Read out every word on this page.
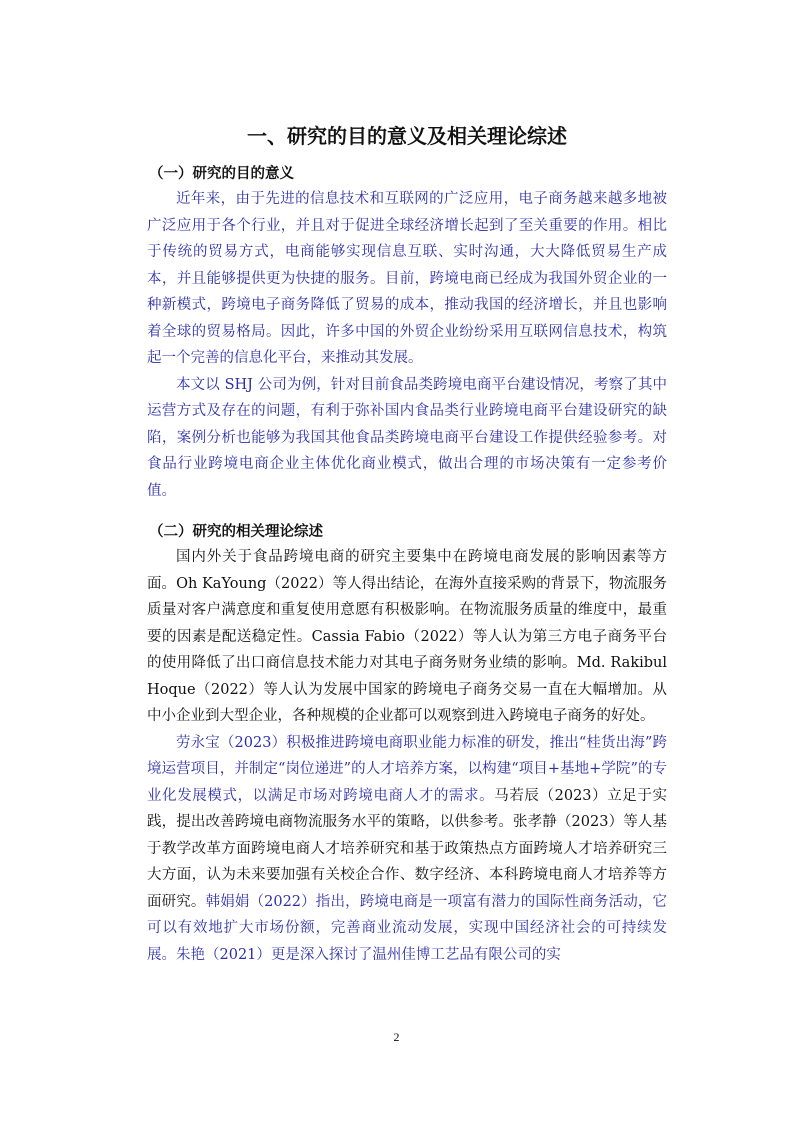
一、研究的目的意义及相关理论综述
（一）研究的目的意义

近年来，由于先进的信息技术和互联网的广泛应用，电子商务越来越多地被广泛应用于各个行业，并且对于促进全球经济增长起到了至关重要的作用。相比于传统的贸易方式，电商能够实现信息互联、实时沟通，大大降低贸易生产成本，并且能够提供更为快捷的服务。目前，跨境电商已经成为我国外贸企业的一种新模式，跨境电子商务降低了贸易的成本，推动我国的经济增长，并且也影响着全球的贸易格局。因此，许多中国的外贸企业纷纷采用互联网信息技术，构筑起一个完善的信息化平台，来推动其发展。

本文以 SHJ 公司为例，针对目前食品类跨境电商平台建设情况，考察了其中运营方式及存在的问题，有利于弥补国内食品类行业跨境电商平台建设研究的缺陷，案例分析也能够为我国其他食品类跨境电商平台建设工作提供经验参考。对食品行业跨境电商企业主体优化商业模式，做出合理的市场决策有一定参考价值。

（二）研究的相关理论综述

国内外关于食品跨境电商的研究主要集中在跨境电商发展的影响因素等方面。Oh KaYoung（2022）等人得出结论，在海外直接采购的背景下，物流服务质量对客户满意度和重复使用意愿有积极影响。在物流服务质量的维度中，最重要的因素是配送稳定性。Cassia Fabio（2022）等人认为第三方电子商务平台的使用降低了出口商信息技术能力对其电子商务财务业绩的影响。Md. Rakibul Hoque（2022）等人认为发展中国家的跨境电子商务交易一直在大幅增加。从中小企业到大型企业，各种规模的企业都可以观察到进入跨境电子商务的好处。

劳永宝（2023）积极推进跨境电商职业能力标准的研发，推出“桂货出海”跨境运营项目，并制定“岗位递进”的人才培养方案，以构建“项目+基地+学院”的专业化发展模式，以满足市场对跨境电商人才的需求。马若辰（2023）立足于实践，提出改善跨境电商物流服务水平的策略，以供参考。张孝静（2023）等人基于教学改革方面跨境电商人才培养研究和基于政策热点方面跨境人才培养研究三大方面，认为未来要加强有关校企合作、数字经济、本科跨境电商人才培养等方面研究。韩娟娟（2022）指出，跨境电商是一项富有潜力的国际性商务活动，它可以有效地扩大市场份额，完善商业流动发展，实现中国经济社会的可持续发展。朱艳（2021）更是深入探讨了温州佳博工艺品有限公司的实

2
